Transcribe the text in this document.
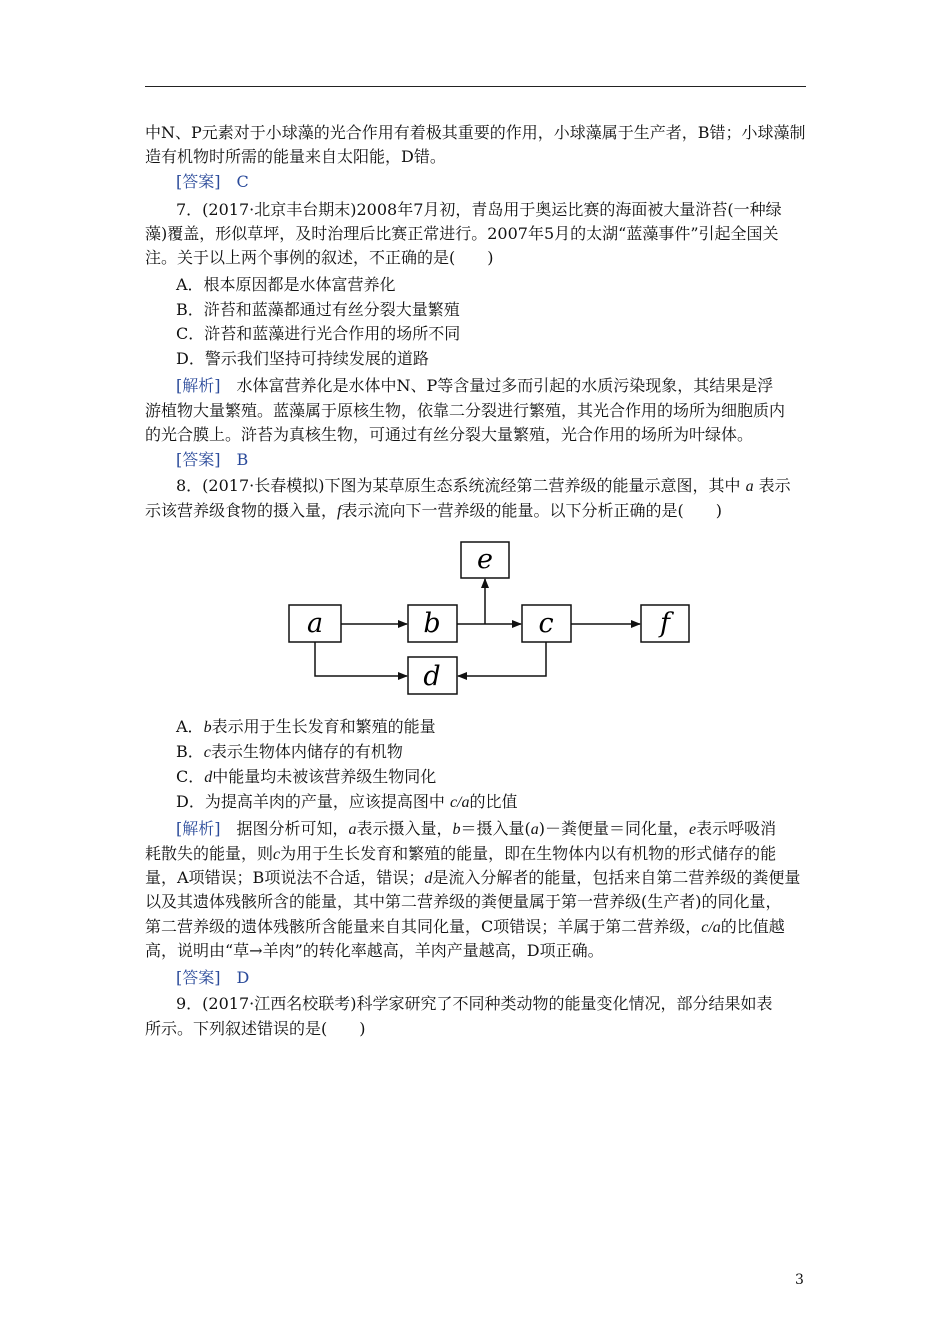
中N、P元素对于小球藻的光合作用有着极其重要的作用，小球藻属于生产者，B错；小球藻制
造有机物时所需的能量来自太阳能，D错。
[答案]　 C
7．(2017·北京丰台期末)2008年7月初，青岛用于奥运比赛的海面被大量浒苔(一种绿
藻)覆盖，形似草坪，及时治理后比赛正常进行。2007年5月的太湖“蓝藻事件”引起全国关
注。关于以上两个事例的叙述，不正确的是(　　)
A．根本原因都是水体富营养化
B．浒苔和蓝藻都通过有丝分裂大量繁殖
C．浒苔和蓝藻进行光合作用的场所不同
D．警示我们坚持可持续发展的道路
[解析]　 水体富营养化是水体中N、P等含量过多而引起的水质污染现象，其结果是浮
游植物大量繁殖。蓝藻属于原核生物，依靠二分裂进行繁殖，其光合作用的场所为细胞质内
的光合膜上。浒苔为真核生物，可通过有丝分裂大量繁殖，光合作用的场所为叶绿体。
[答案]　 B
8．(2017·长春模拟)下图为某草原生态系统流经第二营养级的能量示意图，其中 a 表示
示该营养级食物的摄入量，f表示流向下一营养级的能量。以下分析正确的是(　　)
e
a	b	c	f
d
A．b表示用于生长发育和繁殖的能量
B．c表示生物体内储存的有机物
C．d中能量均未被该营养级生物同化
D．为提高羊肉的产量，应该提高图中 c/a的比值
[解析]　 据图分析可知，a表示摄入量，b＝摄入量(a)－粪便量＝同化量，e表示呼吸消
耗散失的能量，则c为用于生长发育和繁殖的能量，即在生物体内以有机物的形式储存的能
量，A项错误；B项说法不合适，错误；d是流入分解者的能量，包括来自第二营养级的粪便量
以及其遗体残骸所含的能量，其中第二营养级的粪便量属于第一营养级(生产者)的同化量，
第二营养级的遗体残骸所含能量来自其同化量，C项错误；羊属于第二营养级，c/a的比值越
高，说明由“草→羊肉”的转化率越高，羊肉产量越高，D项正确。
[答案]　 D
9．(2017·江西名校联考)科学家研究了不同种类动物的能量变化情况，部分结果如表
所示。下列叙述错误的是(　　)
3
